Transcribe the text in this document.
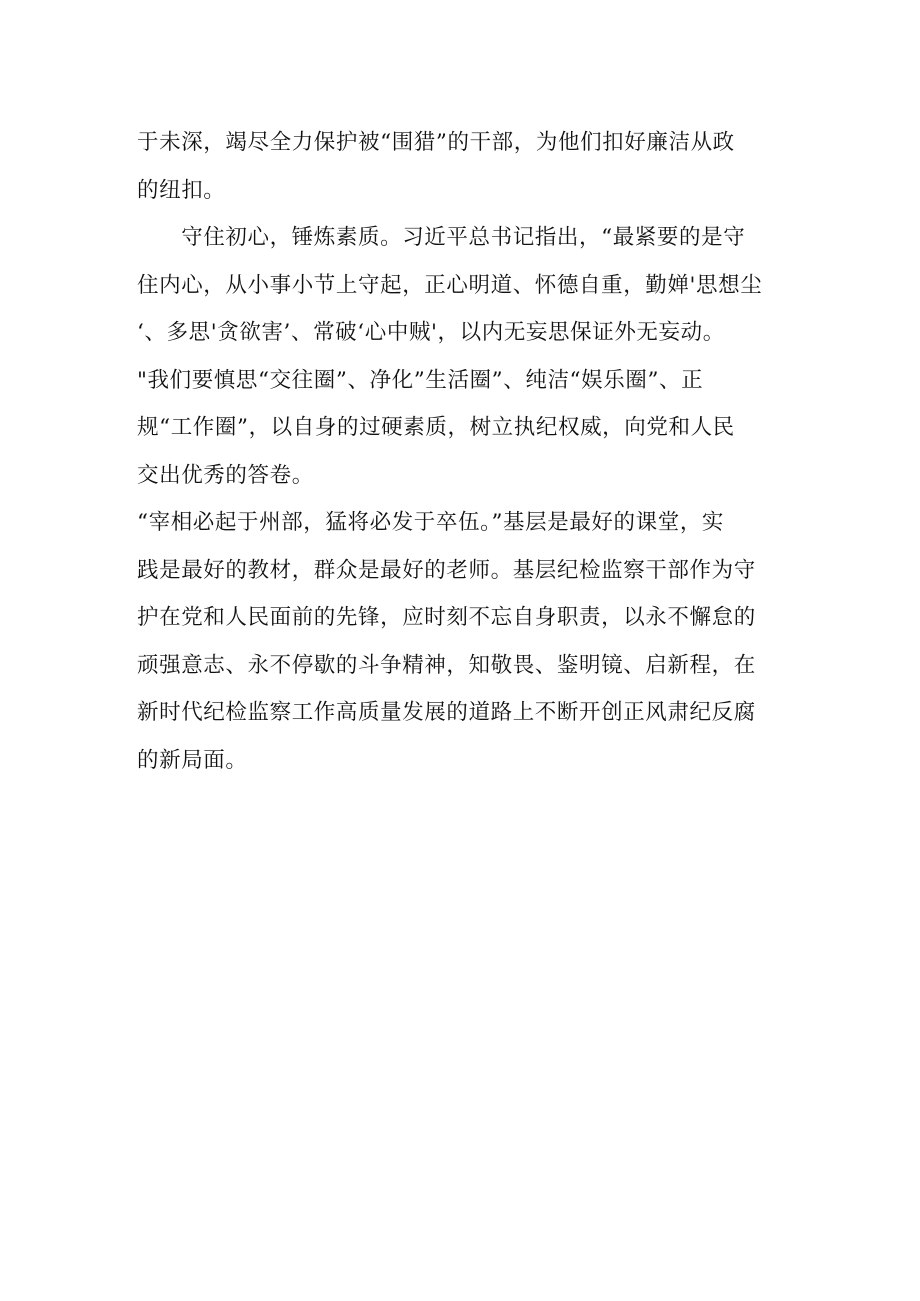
于未深，竭尽全力保护被“围猎”的干部，为他们扣好廉洁从政
的纽扣。
　　守住初心，锤炼素质。习近平总书记指出，“最紧要的是守
住内心，从小事小节上守起，正心明道、怀德自重，勤婵'思想尘
‘、多思'贪欲害’、常破‘心中贼'，以内无妄思保证外无妄动。
"我们要慎思“交往圈”、净化”生活圈”、纯洁“娱乐圈”、正
规“工作圈”，以自身的过硬素质，树立执纪权威，向党和人民
交出优秀的答卷。
“宰相必起于州部，猛将必发于卒伍。”基层是最好的课堂，实
践是最好的教材，群众是最好的老师。基层纪检监察干部作为守
护在党和人民面前的先锋，应时刻不忘自身职责，以永不懈怠的
顽强意志、永不停歇的斗争精神，知敬畏、鉴明镜、启新程，在
新时代纪检监察工作高质量发展的道路上不断开创正风肃纪反腐
的新局面。
